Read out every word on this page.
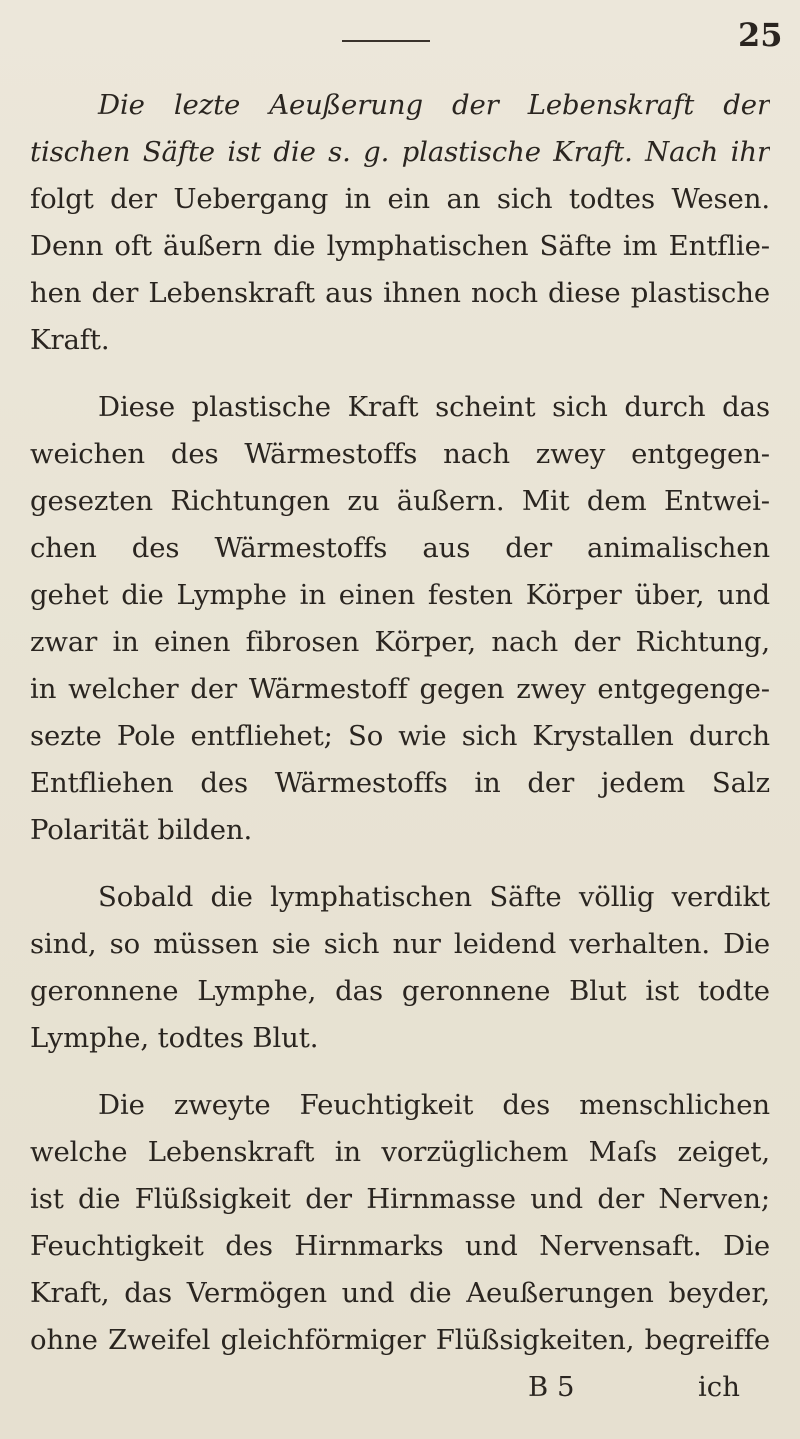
25
Die lezte Aeußerung der Lebenskraft der
tischen Säfte ist die s. g. plastische Kraft. Nach ihr
folgt der Uebergang in ein an sich todtes Wesen.
Denn oft äußern die lymphatischen Säfte im Entflie-
hen der Lebenskraft aus ihnen noch diese plastische
Kraft.
Diese plastische Kraft scheint sich durch das
weichen des Wärmestoffs nach zwey entgegen-
gesezten Richtungen zu äußern. Mit dem Entwei-
chen des Wärmestoffs aus der animalischen
gehet die Lymphe in einen festen Körper über, und
zwar in einen fibrosen Körper, nach der Richtung,
in welcher der Wärmestoff gegen zwey entgegenge-
sezte Pole entfliehet; So wie sich Krystallen durch
Entfliehen des Wärmestoffs in der jedem Salz
Polarität bilden.
Sobald die lymphatischen Säfte völlig verdikt
sind, so müssen sie sich nur leidend verhalten. Die
geronnene Lymphe, das geronnene Blut ist todte
Lymphe, todtes Blut.
Die zweyte Feuchtigkeit des menschlichen
welche Lebenskraft in vorzüglichem Maſs zeiget,
ist die Flüßsigkeit der Hirnmasse und der Nerven;
Feuchtigkeit des Hirnmarks und Nervensaft. Die
Kraft, das Vermögen und die Aeußerungen beyder,
ohne Zweifel gleichförmiger Flüßsigkeiten, begreiffe
B 5	ich
